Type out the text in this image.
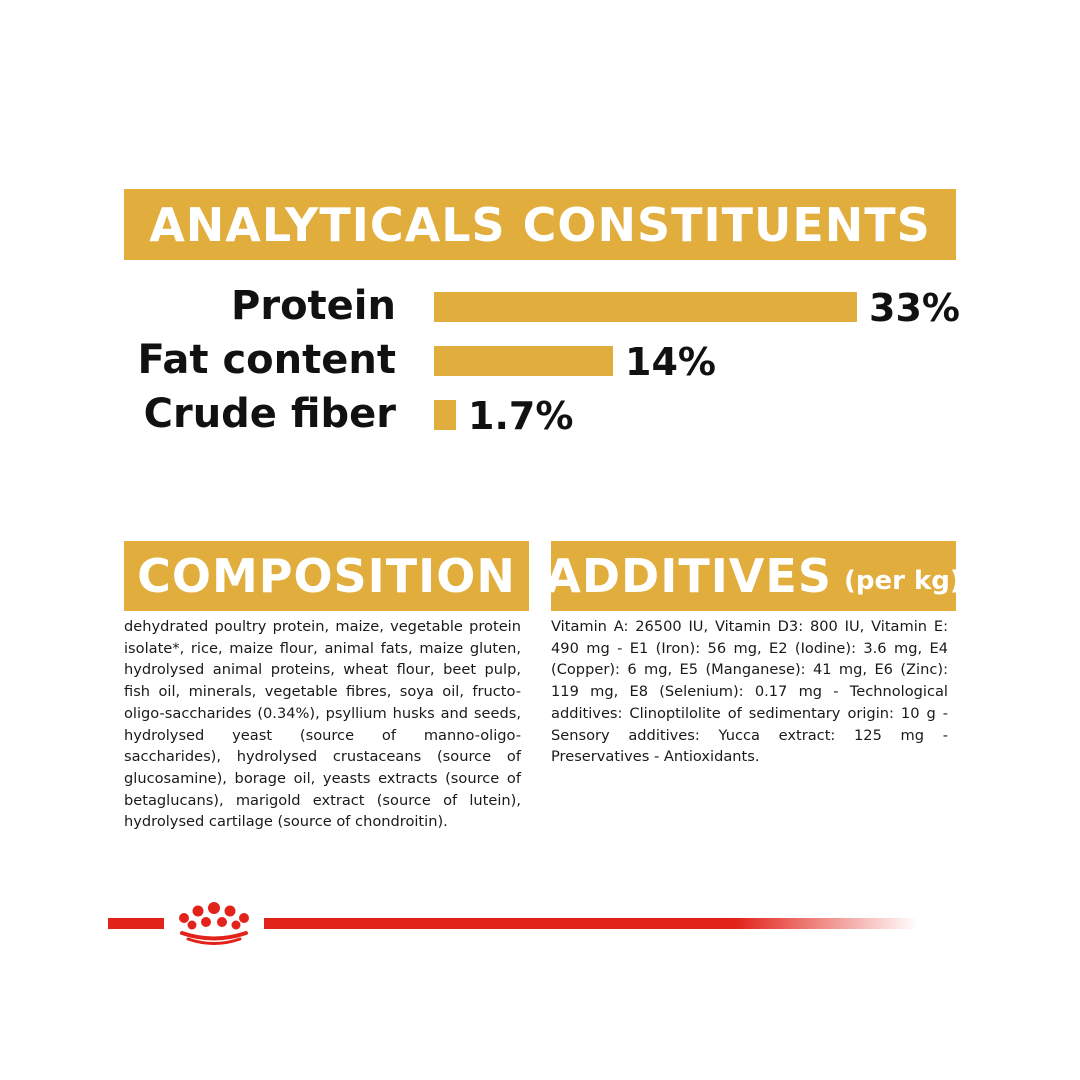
ANALYTICALS CONSTITUENTS
Protein	33%
Fat content	14%
Crude fiber 1.7%
COMPOSITION ADDITIVES (per kg)
dehydrated poultry protein, maize, vegetable protein isolate*, rice, maize flour, animal fats, maize gluten, hydrolysed animal proteins, wheat flour, beet pulp, fish oil, minerals, vegetable fibres, soya oil, fructo-oligo-saccharides (0.34%), psyllium husks and seeds, hydrolysed yeast (source of manno-oligo-saccharides), hydrolysed crustaceans (source of glucosamine), borage oil, yeasts extracts (source of betaglucans), marigold extract (source of lutein), hydrolysed cartilage (source of chondroitin).
Vitamin A: 26500 IU, Vitamin D3: 800 IU, Vitamin E: 490 mg - E1 (Iron): 56 mg, E2 (Iodine): 3.6 mg, E4 (Copper): 6 mg, E5 (Manganese): 41 mg, E6 (Zinc): 119 mg, E8 (Selenium): 0.17 mg - Technological additives: Clinoptilolite of sedimentary origin: 10 g - Sensory additives: Yucca extract: 125 mg - Preservatives - Antioxidants.
